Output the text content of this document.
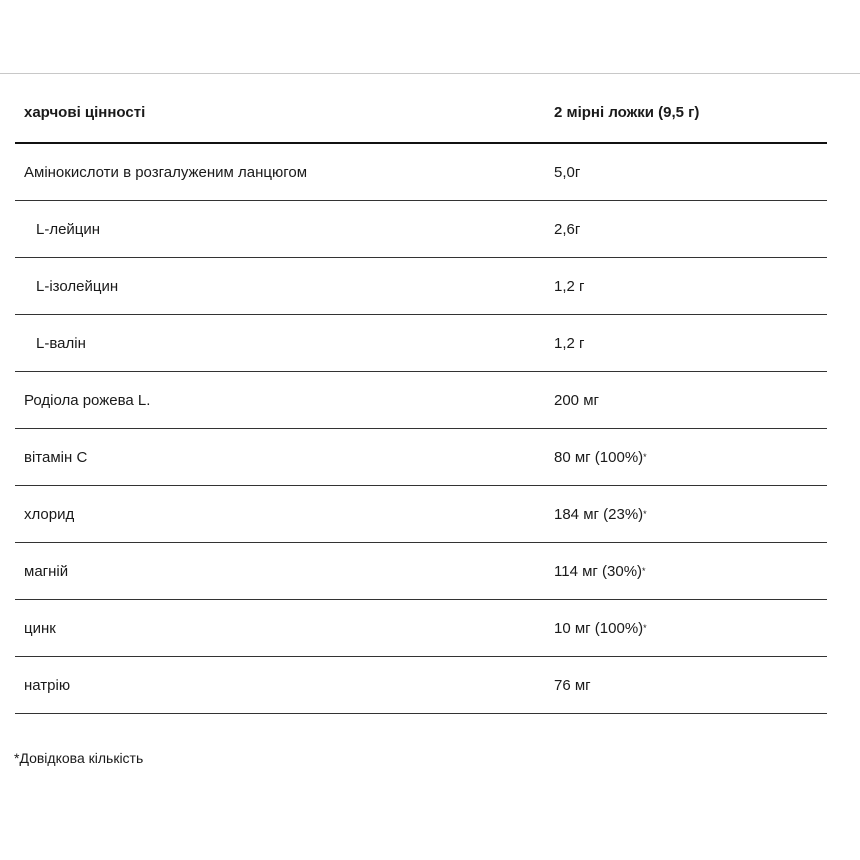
харчові цінності	2 мірні ложки (9,5 г)
Амінокислоти в розгалуженим ланцюгом	5,0г
L-лейцин	2,6г
L-ізолейцин	1,2 г
L-валін	1,2 г
Родіола рожева L.	200 мг
вітамін С	80 мг (100%) *
хлорид	184 мг (23%) *
магній	114 мг (30%) *
цинк	10 мг (100%) *
натрію	76 мг
*Довідкова кількість
